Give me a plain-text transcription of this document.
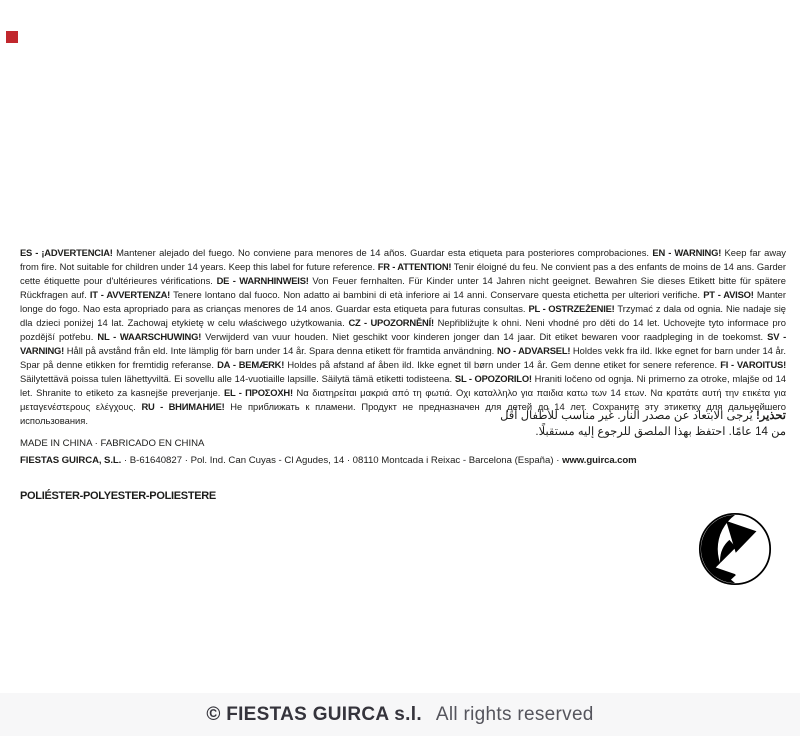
ES - ¡ADVERTENCIA! Mantener alejado del fuego. No conviene para menores de 14 años. Guardar esta etiqueta para posteriores comprobaciones. EN - WARNING! Keep far away from fire. Not suitable for children under 14 years. Keep this label for future reference. FR - ATTENTION! Tenir éloigné du feu. Ne convient pas a des enfants de moins de 14 ans. Garder cette étiquette pour d'ultérieures vérifications. DE - WARNHINWEIS! Von Feuer fernhalten. Für Kinder unter 14 Jahren nicht geeignet. Bewahren Sie dieses Etikett bitte für spätere Rückfragen auf. IT - AVVERTENZA! Tenere lontano dal fuoco. Non adatto ai bambini di età inferiore ai 14 anni. Conservare questa etichetta per ulteriori verifiche. PT - AVISO! Manter longe do fogo. Nao esta apropriado para as crianças menores de 14 anos. Guardar esta etiqueta para futuras consultas. PL - OSTRZEŻENIE! Trzymać z dala od ognia. Nie nadaje się dla dzieci poniżej 14 lat. Zachowaj etykietę w celu właściwego użytkowania. CZ - UPOZORNĚNÍ! Nepřibližujte k ohni. Neni vhodné pro děti do 14 let. Uchovejte tyto informace pro pozdější potřebu. NL - WAARSCHUWING! Verwijderd van vuur houden. Niet geschikt voor kinderen jonger dan 14 jaar. Dit etiket bewaren voor raadpleging in de toekomst. SV - VARNING! Håll på avstånd från eld. Inte lämplig för barn under 14 år. Spara denna etikett för framtida användning. NO - ADVARSEL! Holdes vekk fra ild. Ikke egnet for barn under 14 år. Spar på denne etikken for fremtidig referanse. DA - BEMÆRK! Holdes på afstand af åben ild. Ikke egnet til børn under 14 år. Gem denne etiket for senere reference. FI - VAROITUS! Säilytettävä poissa tulen lähettyviltä. Ei sovellu alle 14-vuotiaille lapsille. Säilytä tämä etiketti todisteena. SL - OPOZORILO! Hraniti ločeno od ognja. Ni primerno za otroke, mlajše od 14 let. Shranite to etiketo za kasnejše preverjanje. EL - ΠΡΟΣΟΧΗ! Να διατηρείται μακριά από τη φωτιά. Οχι καταλληλο για παιδια κατω των 14 ετων. Να κρατάτε αυτή την ετικέτα για μεταγενέστερους ελέγχους. RU - ВНИМАНИЕ! Не приближать к пламени. Продукт не предназначен для детей до 14 лет. Сохраните эту этикетку для дальнейшего использования.	تحذير! يُرجى الابتعاد عن مصدر النار. غير مناسب للأطفال أقل
من 14 عامًا. احتفظ بهذا الملصق للرجوع إليه مستقبلًا.
MADE IN CHINA · FABRICADO EN CHINA
FIESTAS GUIRCA, S.L. · B-61640827 · Pol. Ind. Can Cuyas - Cl Agudes, 14 · 08110 Montcada i Reixac - Barcelona (España) · www.guirca.com
POLIÉSTER-POLYESTER-POLIESTERE
© FIESTAS GUIRCA s.l. All rights reserved
